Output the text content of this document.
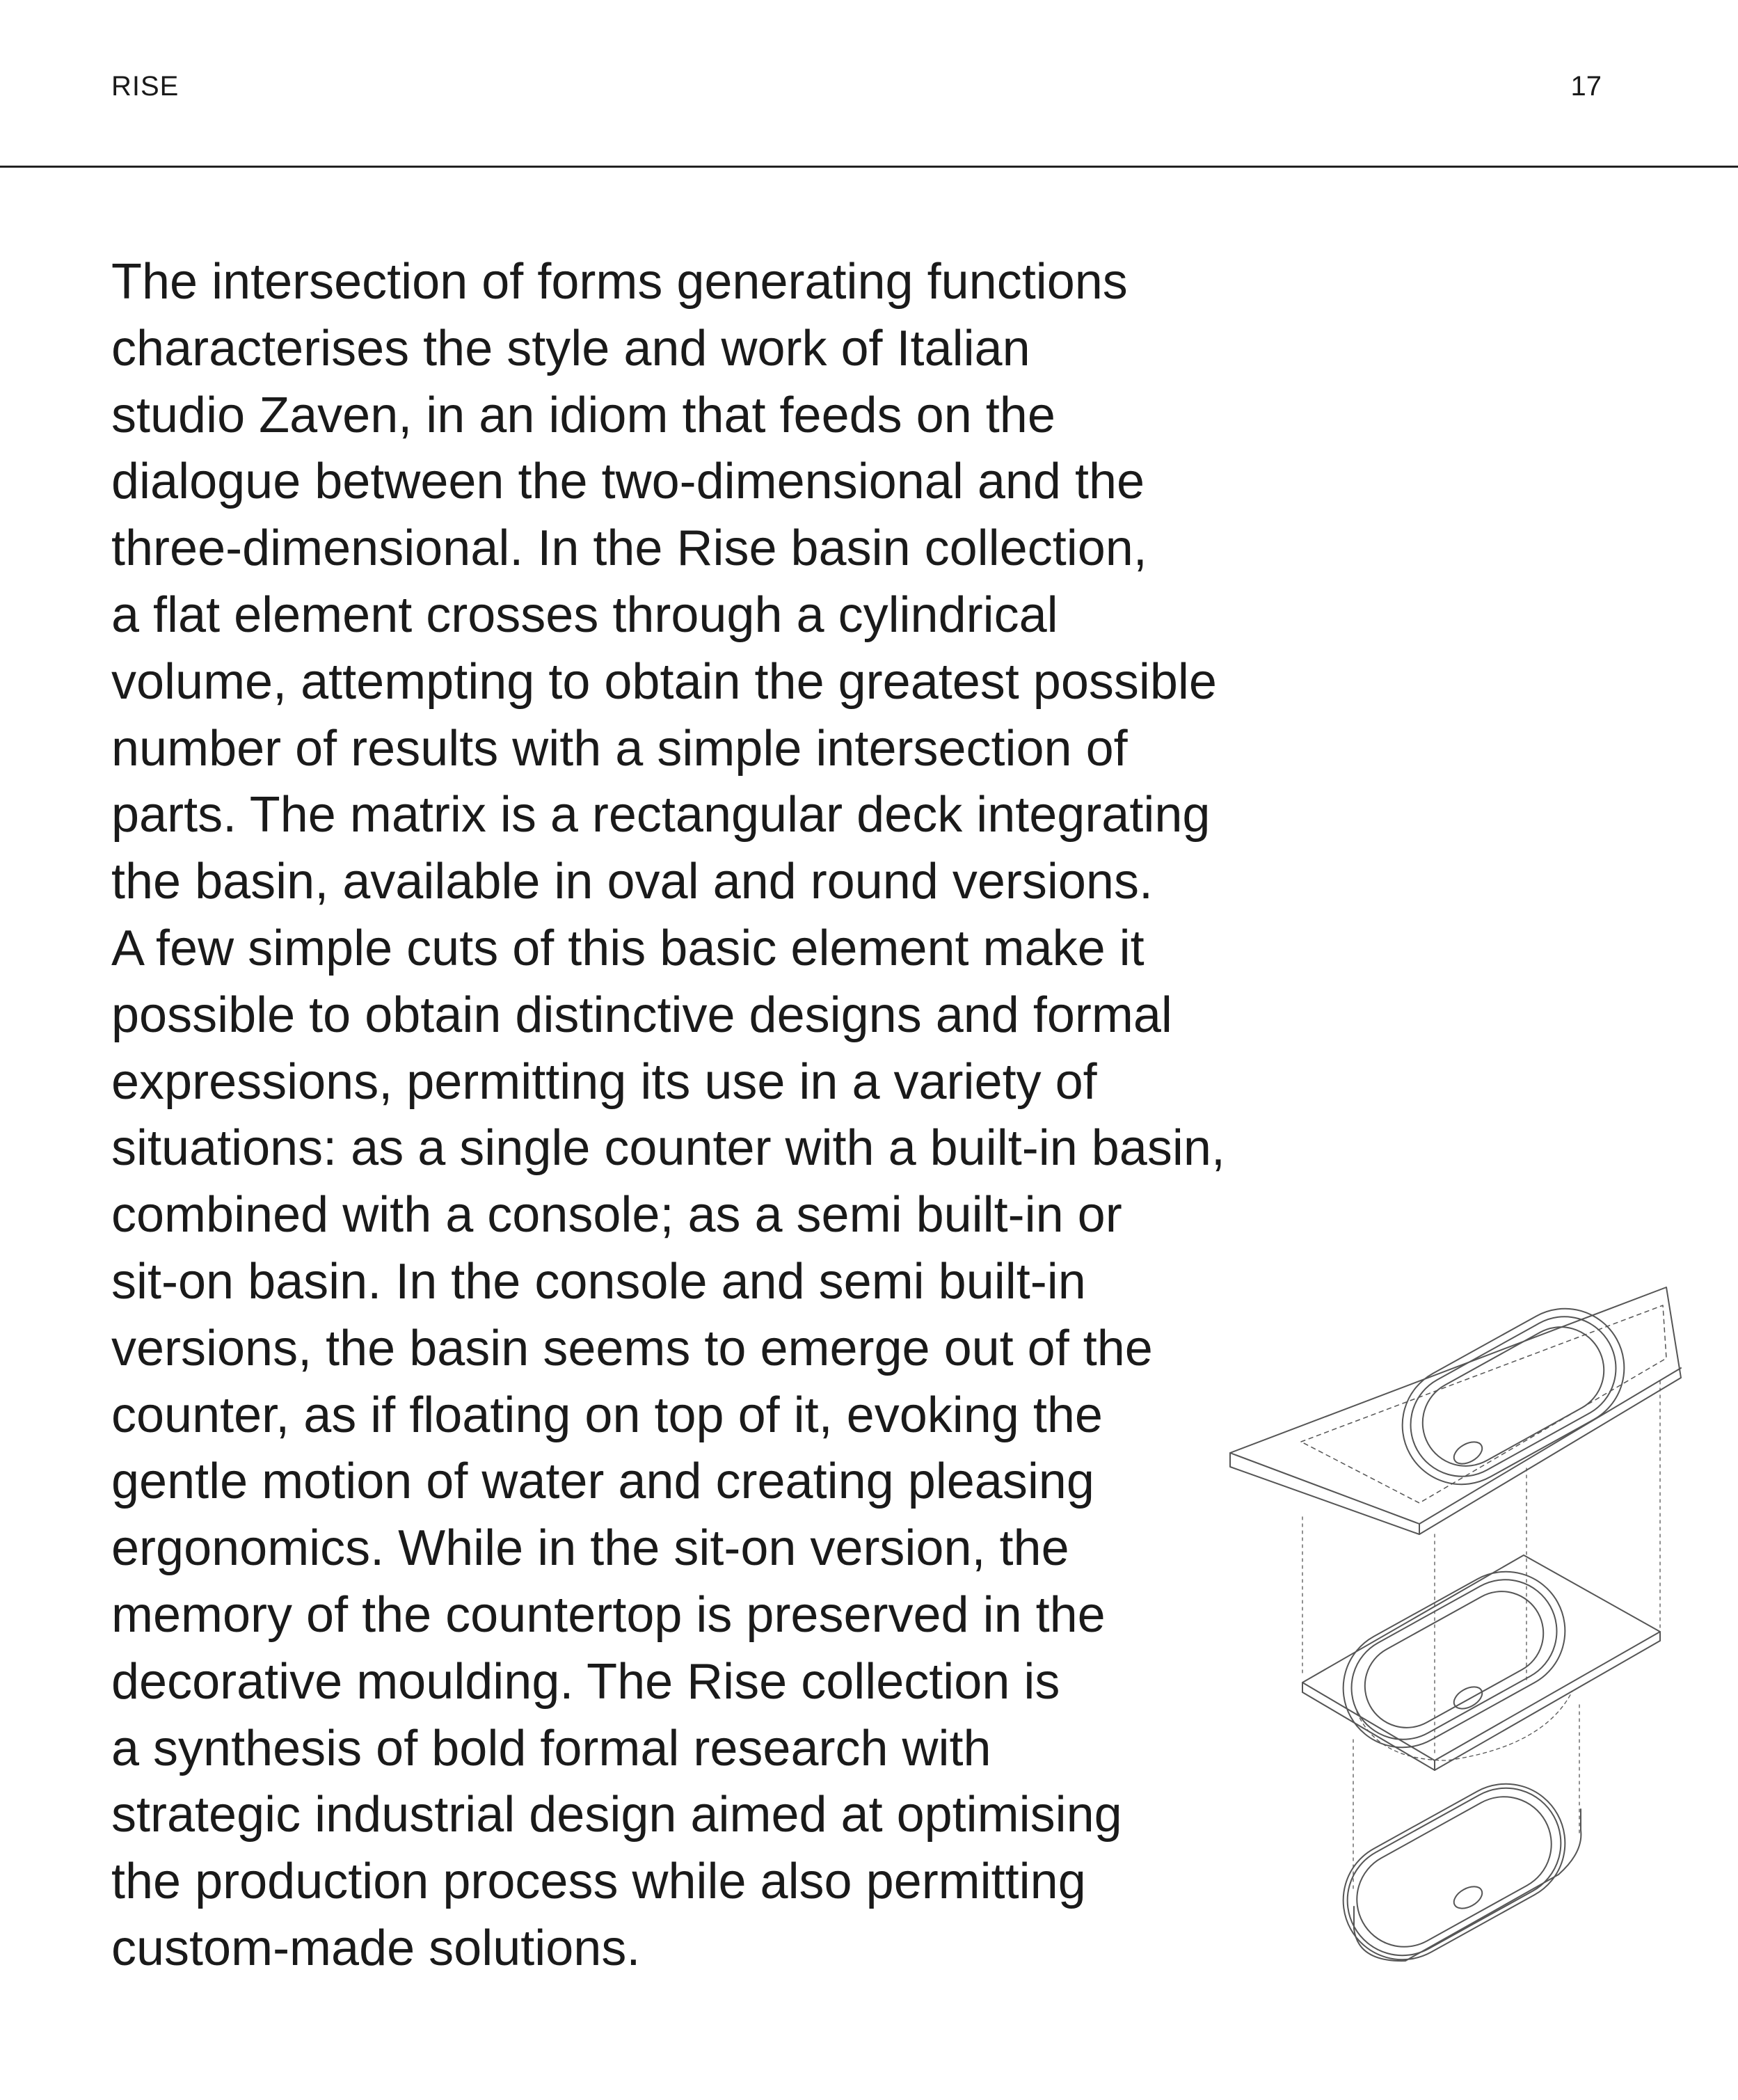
RISE	17

The intersection of forms generating functions
characterises the style and work of Italian
studio Zaven, in an idiom that feeds on the
dialogue between the two-dimensional and the
three-dimensional. In the Rise basin collection,
a flat element crosses through a cylindrical
volume, attempting to obtain the greatest possible
number of results with a simple intersection of
parts. The matrix is a rectangular deck integrating
the basin, available in oval and round versions.
A few simple cuts of this basic element make it
possible to obtain distinctive designs and formal
expressions, permitting its use in a variety of
situations: as a single counter with a built-in basin,
combined with a console; as a semi built-in or
sit-on basin. In the console and semi built-in
versions, the basin seems to emerge out of the
counter, as if floating on top of it, evoking the
gentle motion of water and creating pleasing
ergonomics. While in the sit-on version, the
memory of the countertop is preserved in the
decorative moulding. The Rise collection is
a synthesis of bold formal research with
strategic industrial design aimed at optimising
the production process while also permitting
custom-made solutions.
